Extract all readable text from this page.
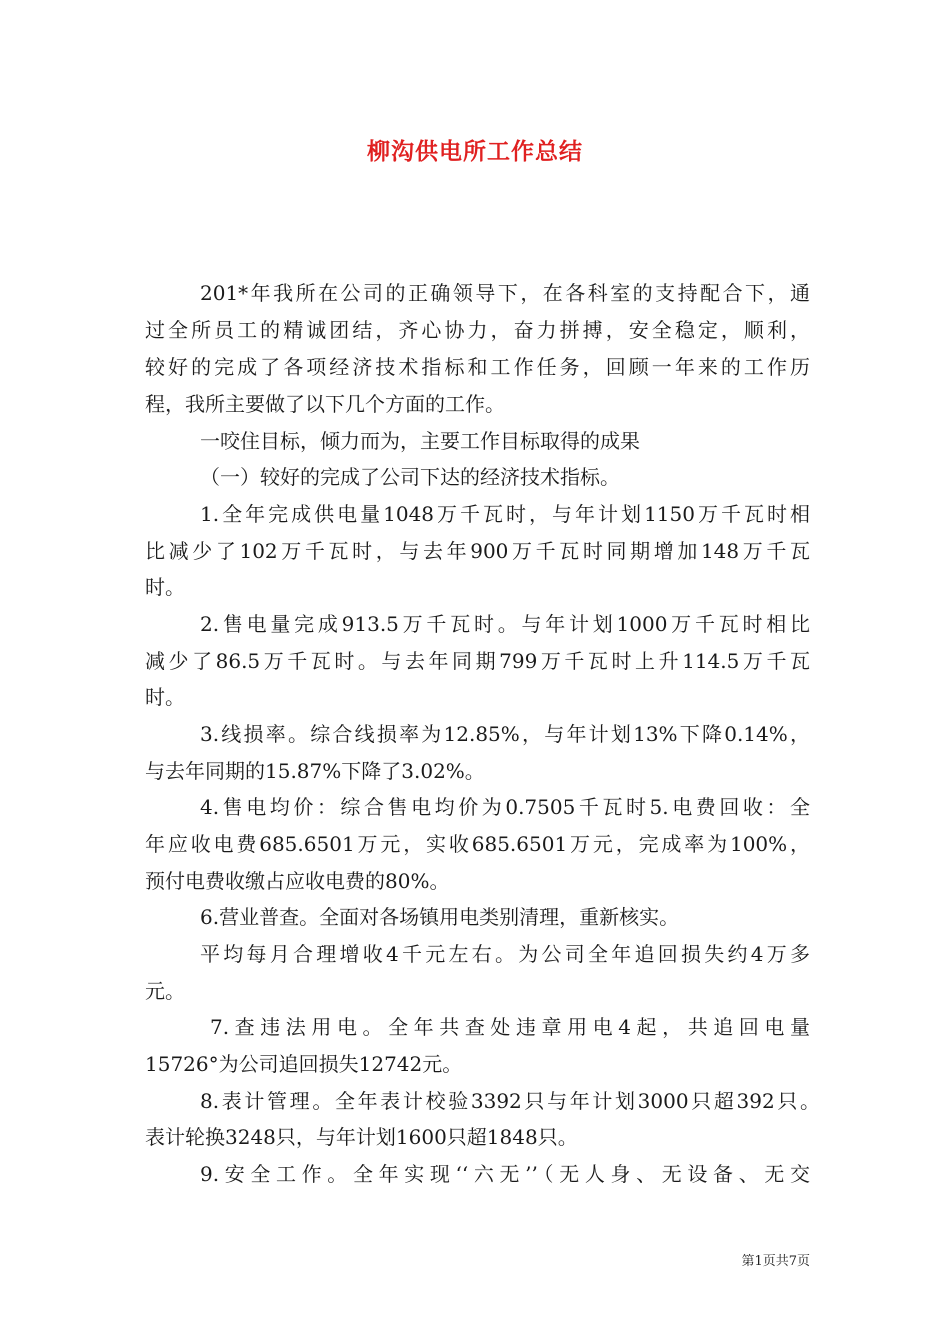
柳沟供电所工作总结
201*年我所在公司的正确领导下，在各科室的支持配合下，通
过全所员工的精诚团结，齐心协力，奋力拼搏，安全稳定，顺利，
较好的完成了各项经济技术指标和工作任务，回顾一年来的工作历
程，我所主要做了以下几个方面的工作。
一咬住目标，倾力而为，主要工作目标取得的成果
（一）较好的完成了公司下达的经济技术指标。
1.全年完成供电量1048万千瓦时，与年计划1150万千瓦时相
比减少了102万千瓦时，与去年900万千瓦时同期增加148万千瓦
时。
2.售电量完成913.5万千瓦时。与年计划1000万千瓦时相比
减少了86.5万千瓦时。与去年同期799万千瓦时上升114.5万千瓦
时。
3.线损率。综合线损率为12.85%，与年计划13%下降0.14%，
与去年同期的15.87%下降了3.02%。
4.售电均价：综合售电均价为0.7505千瓦时5.电费回收：全
年应收电费685.6501万元，实收685.6501万元，完成率为100%，
预付电费收缴占应收电费的80%。
6.营业普查。全面对各场镇用电类别清理，重新核实。
平均每月合理增收4千元左右。为公司全年追回损失约4万多
元。
7.查违法用电。全年共查处违章用电4起，共追回电量
15726°为公司追回损失12742元。
8.表计管理。全年表计校验3392只与年计划3000只超392只。
表计轮换3248只，与年计划1600只超1848只。
9.安全工作。全年实现‘‘六无’’（无人身、无设备、无交
第1页共7页
